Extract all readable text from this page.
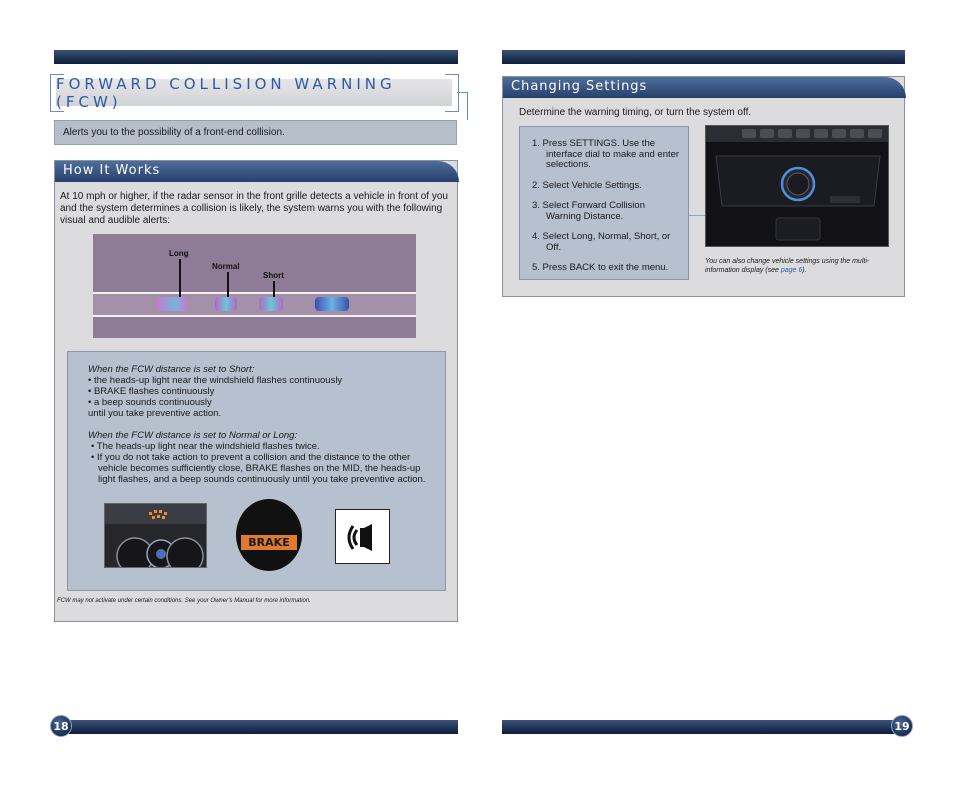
18	19
FORWARD COLLISION WARNING (FCW)
Alerts you to the possibility of a front-end collision.
How It Works
At 10 mph or higher, if the radar sensor in the front grille detects a vehicle in front of you and the system determines a collision is likely, the system warns you with the following visual and audible alerts:
Long
Normal
Short
When the FCW distance is set to Short:
• the heads-up light near the windshield flashes continuously
• BRAKE flashes continuously
• a beep sounds continuously
until you take preventive action.
When the FCW distance is set to Normal or Long:
• The heads-up light near the windshield flashes twice.
• If you do not take action to prevent a collision and the distance to the other vehicle becomes sufficiently close, BRAKE flashes on the MID, the heads-up light flashes, and a beep sounds continuously until you take preventive action.
BRAKE
FCW may not activate under certain conditions. See your Owner’s Manual for more information.
Changing Settings
Determine the warning timing, or turn the system off.
1. Press SETTINGS. Use the interface dial to make and enter selections.
2. Select Vehicle Settings.
3. Select Forward Collision Warning Distance.
4. Select Long, Normal, Short, or Off.
5. Press BACK to exit the menu.
You can also change vehicle settings using the multi-information display (see page 6).
